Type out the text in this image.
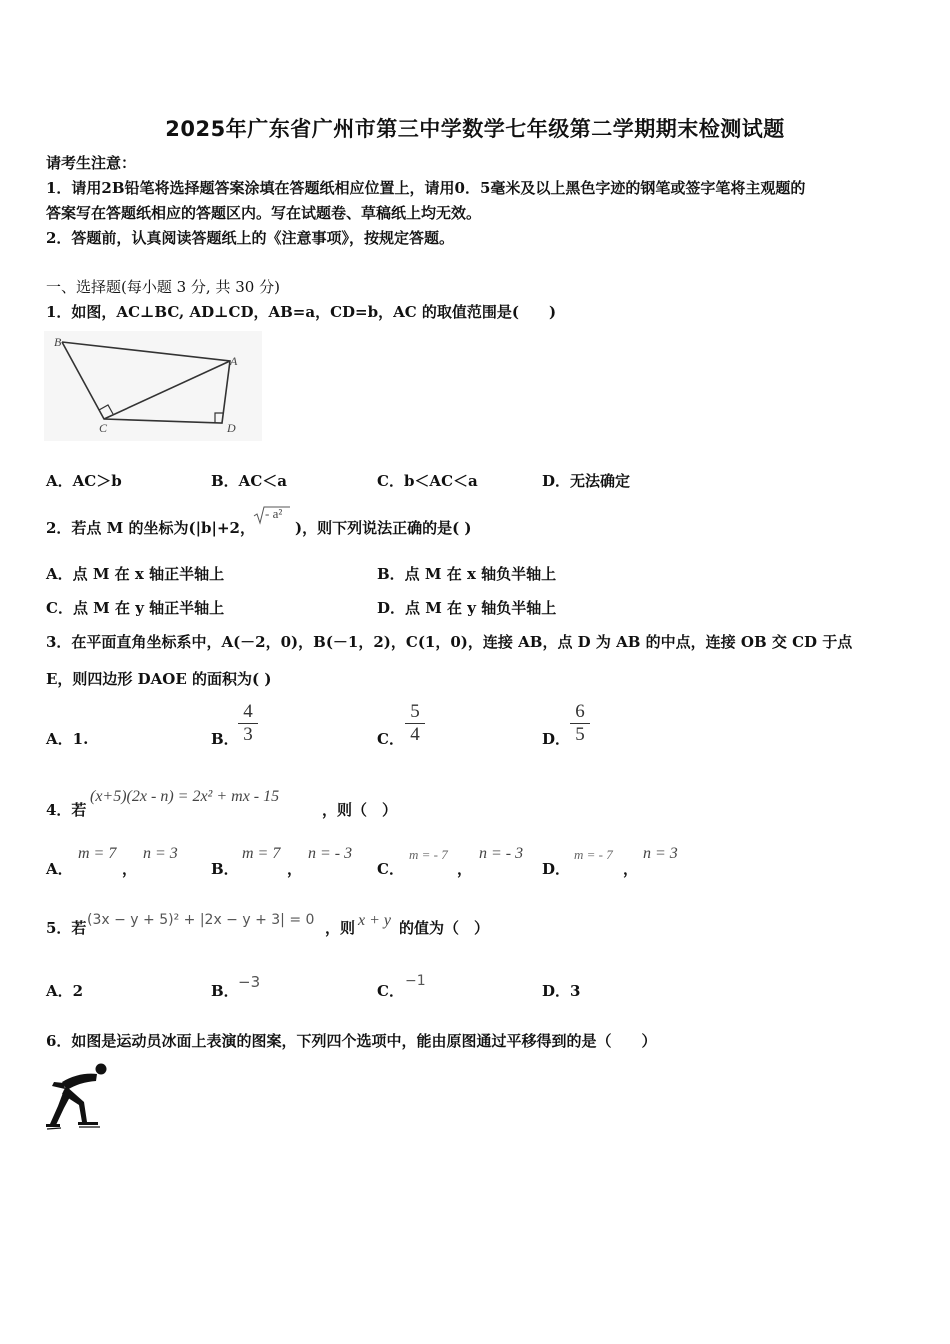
2025年广东省广州市第三中学数学七年级第二学期期末检测试题
请考生注意：
1．请用2B铅笔将选择题答案涂填在答题纸相应位置上，请用0．5毫米及以上黑色字迹的钢笔或签字笔将主观题的
答案写在答题纸相应的答题区内。写在试题卷、草稿纸上均无效。
2．答题前，认真阅读答题纸上的《注意事项》，按规定答题。
一、选择题(每小题 3 分, 共 30 分)
1．如图，AC⊥BC, AD⊥CD，AB=a，CD=b，AC 的取值范围是(　　)
B
A
C	D
A．AC＞b	B．AC＜a	C．b＜AC＜a	D．无法确定
2．若点 M 的坐标为(|b|+2，
- a²
)，则下列说法正确的是( )
A．点 M 在 x 轴正半轴上	B．点 M 在 x 轴负半轴上
C．点 M 在 y 轴正半轴上	D．点 M 在 y 轴负半轴上
3．在平面直角坐标系中，A(－2，0)，B(－1，2)，C(1，0)，连接 AB，点 D 为 AB 的中点，连接 OB 交 CD 于点
E，则四边形 DAOE 的面积为( )
A．1.	B． $\frac{4}{3}$	C． $\frac{5}{4}$	D． $\frac{6}{5}$
4．若
(x+5)(2x - n) = 2x² + mx - 15
，则（　）
A．
m = 7
，
n = 3
B．
m = 7
，
n = - 3
C．
m = - 7
，
n = - 3
D．
m = - 7
，
n = 3
5．若 (3x − y + 5)² + |2x − y + 3| = 0 ，则 x + y 的值为（　）
A．2	B． −3	C．
−1
D．3
6．如图是运动员冰面上表演的图案，下列四个选项中，能由原图通过平移得到的是（　　）
